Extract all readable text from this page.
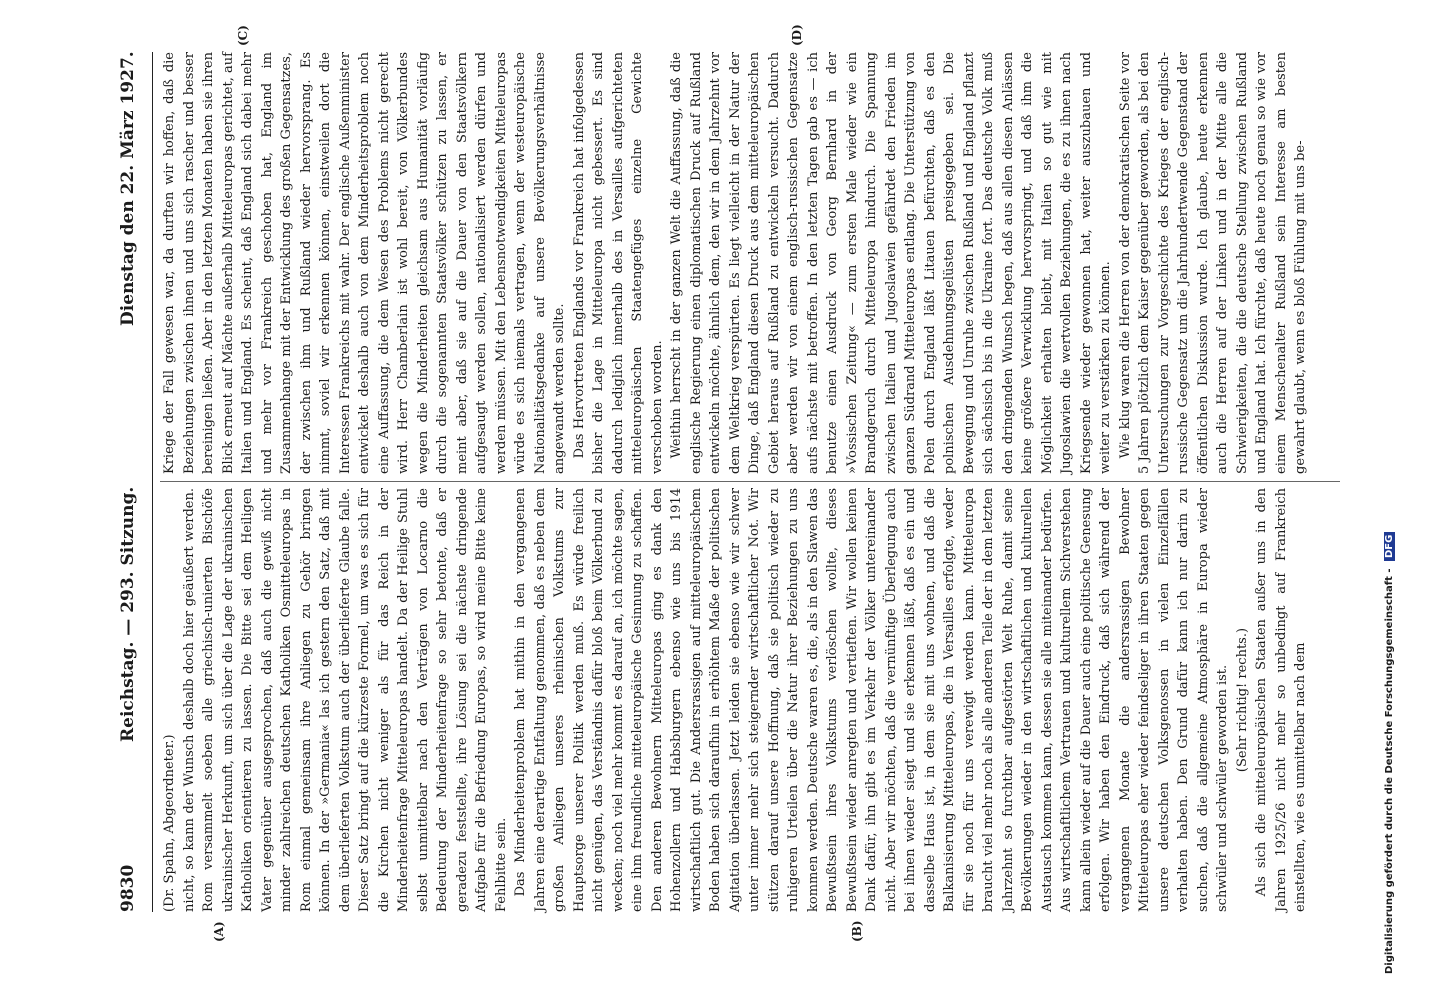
9830
Reichstag. — 293. Sitzung.
Dienstag den 22. März 1927.
(A)	(B)
(C)	(D)

(Dr. Spahn, Abgeordneter.) nicht, so kann der Wunsch deshalb doch hier geäußert werden. Rom versammelt soeben alle griechisch-unierten Bischöfe ukrainischer Herkunft, um sich über die Lage der ukrainischen Katholiken orientieren zu lassen. Die Bitte sei dem Heiligen Vater gegenüber ausgesprochen, daß auch die gewiß nicht minder zahlreichen deutschen Katholiken Osmitteleuropas in Rom einmal gemeinsam ihre Anliegen zu Gehör bringen können. In der »Germania« las ich gestern den Satz, daß mit dem überlieferten Volkstum auch der überlieferte Glaube falle. Dieser Satz bringt auf die kürzeste Formel, um was es sich für die Kirchen nicht weniger als für das Reich in der Minderheitenfrage Mitteleuropas handelt. Da der Heilige Stuhl selbst unmittelbar nach den Verträgen von Locarno die Bedeutung der Minderheitenfrage so sehr betonte, daß er geradezu feststellte, ihre Lösung sei die nächste dringende Aufgabe für die Befriedung Europas, so wird meine Bitte keine Fehlbitte sein. Das Minderheitenproblem hat mithin in den vergangenen Jahren eine derartige Entfaltung genommen, daß es neben dem großen Anliegen unseres rheinischen Volkstums zur Hauptsorge unserer Politik werden muß. Es würde freilich nicht genügen, das Verständnis dafür bloß beim Völkerbund zu wecken; noch viel mehr kommt es darauf an, ich möchte sagen, eine ihm freundliche mitteleuropäische Gesinnung zu schaffen. Den anderen Bewohnern Mitteleuropas ging es dank den Hohenzollern und Habsburgern ebenso wie uns bis 1914 wirtschaftlich gut. Die Andersrassigen auf mitteleuropäischem Boden haben sich daraufhin in erhöhtem Maße der politischen Agitation überlassen. Jetzt leiden sie ebenso wie wir schwer unter immer mehr sich steigernder wirtschaftlicher Not. Wir stützen darauf unsere Hoffnung, daß sie politisch wieder zu ruhigeren Urteilen über die Natur ihrer Beziehungen zu uns kommen werden. Deutsche waren es, die, als in den Slawen das Bewußtsein ihres Volkstums verlöschen wollte, dieses Bewußtsein wieder anregten und vertieften. Wir wollen keinen Dank dafür, ihn gibt es im Verkehr der Völker untereinander nicht. Aber wir möchten, daß die vernünftige Überlegung auch bei ihnen wieder siegt und sie erkennen läßt, daß es ein und dasselbe Haus ist, in dem sie mit uns wohnen, und daß die Balkanisierung Mitteleuropas, die in Versailles erfolgte, weder für sie noch für uns verewigt werden kann. Mitteleuropa braucht viel mehr noch als alle anderen Teile der in dem letzten Jahrzehnt so furchtbar aufgestörten Welt Ruhe, damit seine Bevölkerungen wieder in den wirtschaftlichen und kulturellen Austausch kommen kann, dessen sie alle miteinander bedürfen. Aus wirtschaftlichem Vertrauen und kulturellem Sichverstehen kann allein wieder auf die Dauer auch eine politische Genesung erfolgen. Wir haben den Eindruck, daß sich während der vergangenen Monate die andersrassigen Bewohner Mitteleuropas eher wieder feindseliger in ihren Staaten gegen unsere deutschen Volksgenossen in vielen Einzelfällen verhalten haben. Den Grund dafür kann ich nur darin zu suchen, daß die allgemeine Atmosphäre in Europa wieder schwüler und schwüler geworden ist. (Sehr richtig! rechts.) Als sich die mitteleuropäischen Staaten außer uns in den Jahren 1925/26 nicht mehr so unbedingt auf Frankreich einstellten, wie es unmittelbar nach dem

Kriege der Fall gewesen war, da durften wir hoffen, daß die Beziehungen zwischen ihnen und uns sich rascher und besser bereinigen ließen. Aber in den letzten Monaten haben sie ihren Blick erneut auf Mächte außerhalb Mitteleuropas gerichtet, auf Italien und England. Es scheint, daß England sich dabei mehr und mehr vor Frankreich geschoben hat, England im Zusammenhange mit der Entwicklung des großen Gegensatzes, der zwischen ihm und Rußland wieder hervorsprang. Es nimmt, soviel wir erkennen können, einstweilen dort die Interessen Frankreichs mit wahr. Der englische Außenminister entwickelt deshalb auch von dem Minderheitsproblem noch eine Auffassung, die dem Wesen des Problems nicht gerecht wird. Herr Chamberlain ist wohl bereit, von Völkerbundes wegen die Minderheiten gleichsam aus Humanität vorläufig durch die sogenannten Staatsvölker schützen zu lassen, er meint aber, daß sie auf die Dauer von den Staatsvölkern aufgesaugt werden sollen, nationalisiert werden dürfen und werden müssen. Mit den Lebensnotwendigkeiten Mitteleuropas würde es sich niemals vertragen, wenn der westeuropäische Nationalitätsgedanke auf unsere Bevölkerungsverhältnisse angewandt werden sollte. Das Hervortreten Englands vor Frankreich hat infolgedessen bisher die Lage in Mitteleuropa nicht gebessert. Es sind dadurch lediglich innerhalb des in Versailles aufgerichteten mitteleuropäischen Staatengefüges einzelne Gewichte verschoben worden. Weithin herrscht in der ganzen Welt die Auffassung, daß die englische Regierung einen diplomatischen Druck auf Rußland entwickeln möchte, ähnlich dem, den wir in dem Jahrzehnt vor dem Weltkrieg verspürten. Es liegt vielleicht in der Natur der Dinge, daß England diesen Druck aus dem mitteleuropäischen Gebiet heraus auf Rußland zu entwickeln versucht. Dadurch aber werden wir von einem englisch-russischen Gegensatze aufs nächste mit betroffen. In den letzten Tagen gab es — ich benutze einen Ausdruck von Georg Bernhard in der »Vossischen Zeitung« — zum ersten Male wieder wie ein Brandgeruch durch Mitteleuropa hindurch. Die Spannung zwischen Italien und Jugoslawien gefährdet den Frieden im ganzen Südrand Mitteleuropas entlang. Die Unterstützung von Polen durch England läßt Litauen befürchten, daß es den polnischen Ausdehnungsgelüsten preisgegeben sei. Die Bewegung und Unruhe zwischen Rußland und England pflanzt sich sächsisch bis in die Ukraine fort. Das deutsche Volk muß den dringenden Wunsch hegen, daß aus allen diesen Anlässen keine größere Verwicklung hervorspringt, und daß ihm die Möglichkeit erhalten bleibt, mit Italien so gut wie mit Jugoslawien die wertvollen Beziehungen, die es zu ihnen nach Kriegsende wieder gewonnen hat, weiter auszubauen und weiter zu verstärken zu können. Wie klug waren die Herren von der demokratischen Seite vor 5 Jahren plötzlich dem Kaiser gegenüber geworden, als bei den Untersuchungen zur Vorgeschichte des Krieges der englisch-russische Gegensatz um die Jahrhundertwende Gegenstand der öffentlichen Diskussion wurde. Ich glaube, heute erkennen auch die Herren auf der Linken und in der Mitte alle die Schwierigkeiten, die die deutsche Stellung zwischen Rußland und England hat. Ich fürchte, daß heute noch genau so wie vor einem Menschenalter Rußland sein Interesse am besten gewahrt glaubt, wenn es bloß Fühlung mit uns be-

Digitalisierung gefördert durch die Deutsche Forschungsgemeinschaft - DFG
